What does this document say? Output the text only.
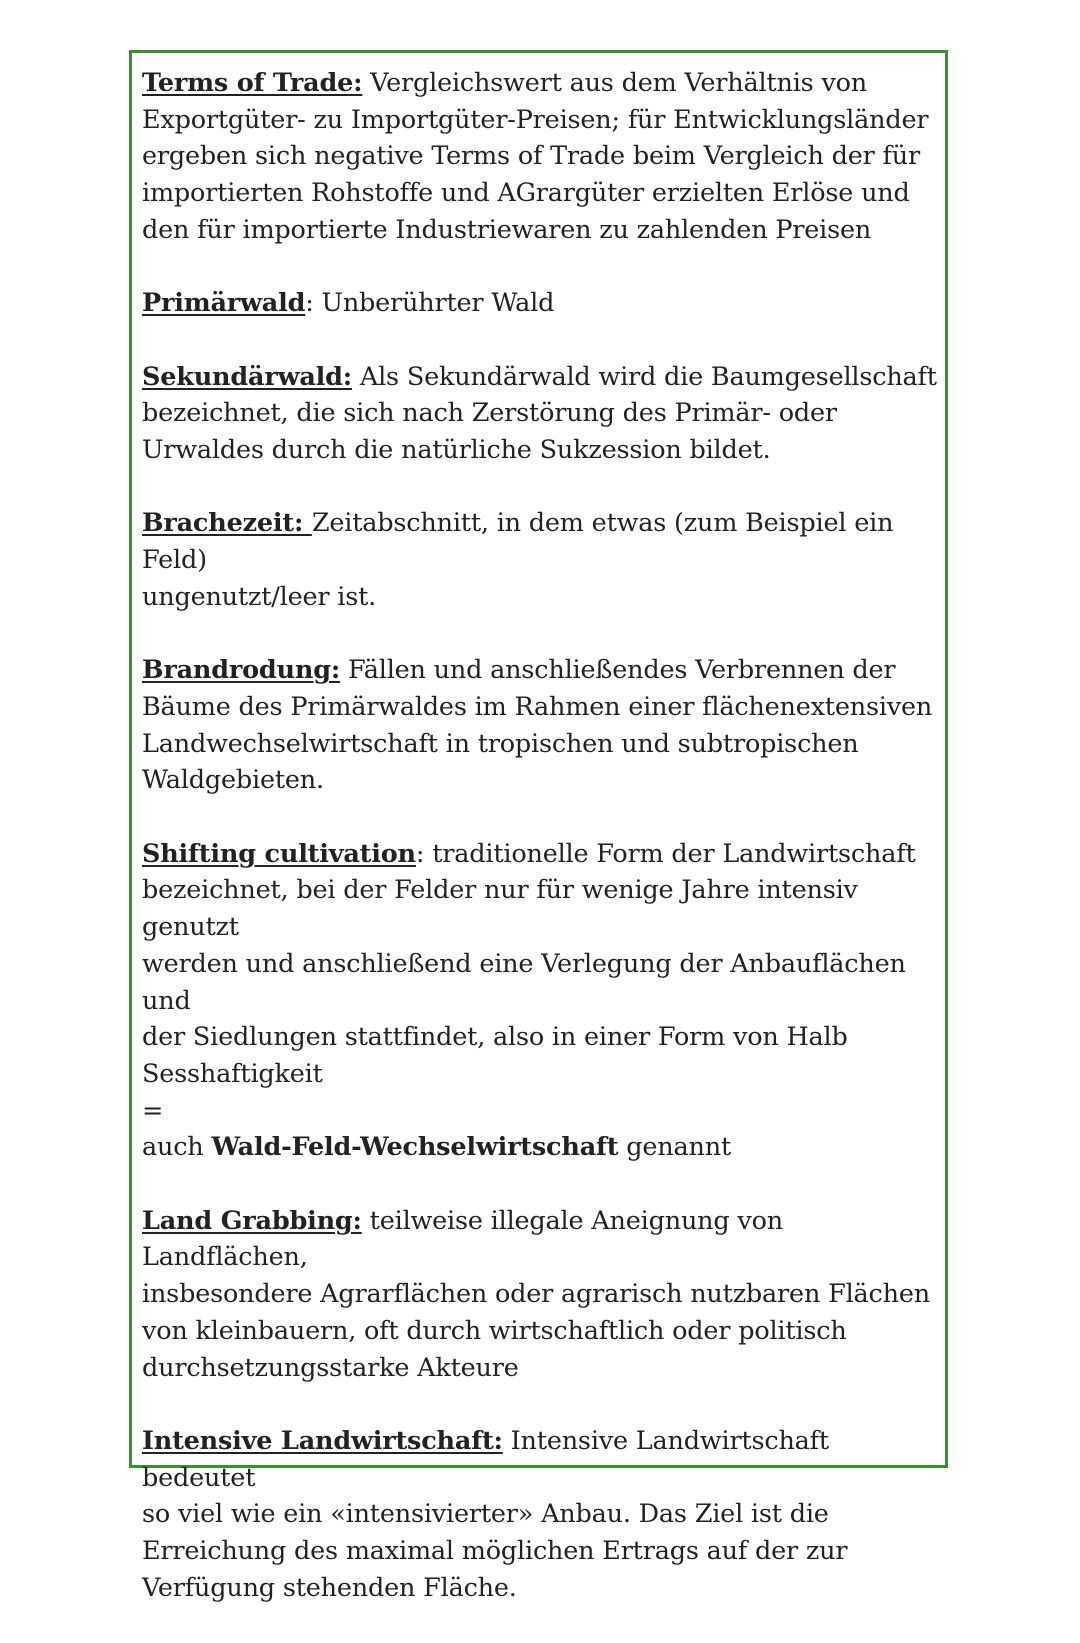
Terms of Trade: Vergleichswert aus dem Verhältnis von
Exportgüter- zu Importgüter-Preisen; für Entwicklungsländer
ergeben sich negative Terms of Trade beim Vergleich der für
importierten Rohstoffe und AGrargüter erzielten Erlöse und
den für importierte Industriewaren zu zahlenden Preisen

Primärwald: Unberührter Wald

Sekundärwald: Als Sekundärwald wird die Baumgesellschaft
bezeichnet, die sich nach Zerstörung des Primär- oder
Urwaldes durch die natürliche Sukzession bildet.

Brachezeit: Zeitabschnitt, in dem etwas (zum Beispiel ein Feld)
ungenutzt/leer ist.

Brandrodung: Fällen und anschließendes Verbrennen der
Bäume des Primärwaldes im Rahmen einer flächenextensiven
Landwechselwirtschaft in tropischen und subtropischen
Waldgebieten.

Shifting cultivation: traditionelle Form der Landwirtschaft
bezeichnet, bei der Felder nur für wenige Jahre intensiv genutzt
werden und anschließend eine Verlegung der Anbauflächen und
der Siedlungen stattfindet, also in einer Form von Halb
Sesshaftigkeit
=
auch Wald-Feld-Wechselwirtschaft genannt

Land Grabbing: teilweise illegale Aneignung von Landflächen,
insbesondere Agrarflächen oder agrarisch nutzbaren Flächen
von kleinbauern, oft durch wirtschaftlich oder politisch
durchsetzungsstarke Akteure

Intensive Landwirtschaft: Intensive Landwirtschaft bedeutet
so viel wie ein «intensivierter» Anbau. Das Ziel ist die
Erreichung des maximal möglichen Ertrags auf der zur
Verfügung stehenden Fläche.
